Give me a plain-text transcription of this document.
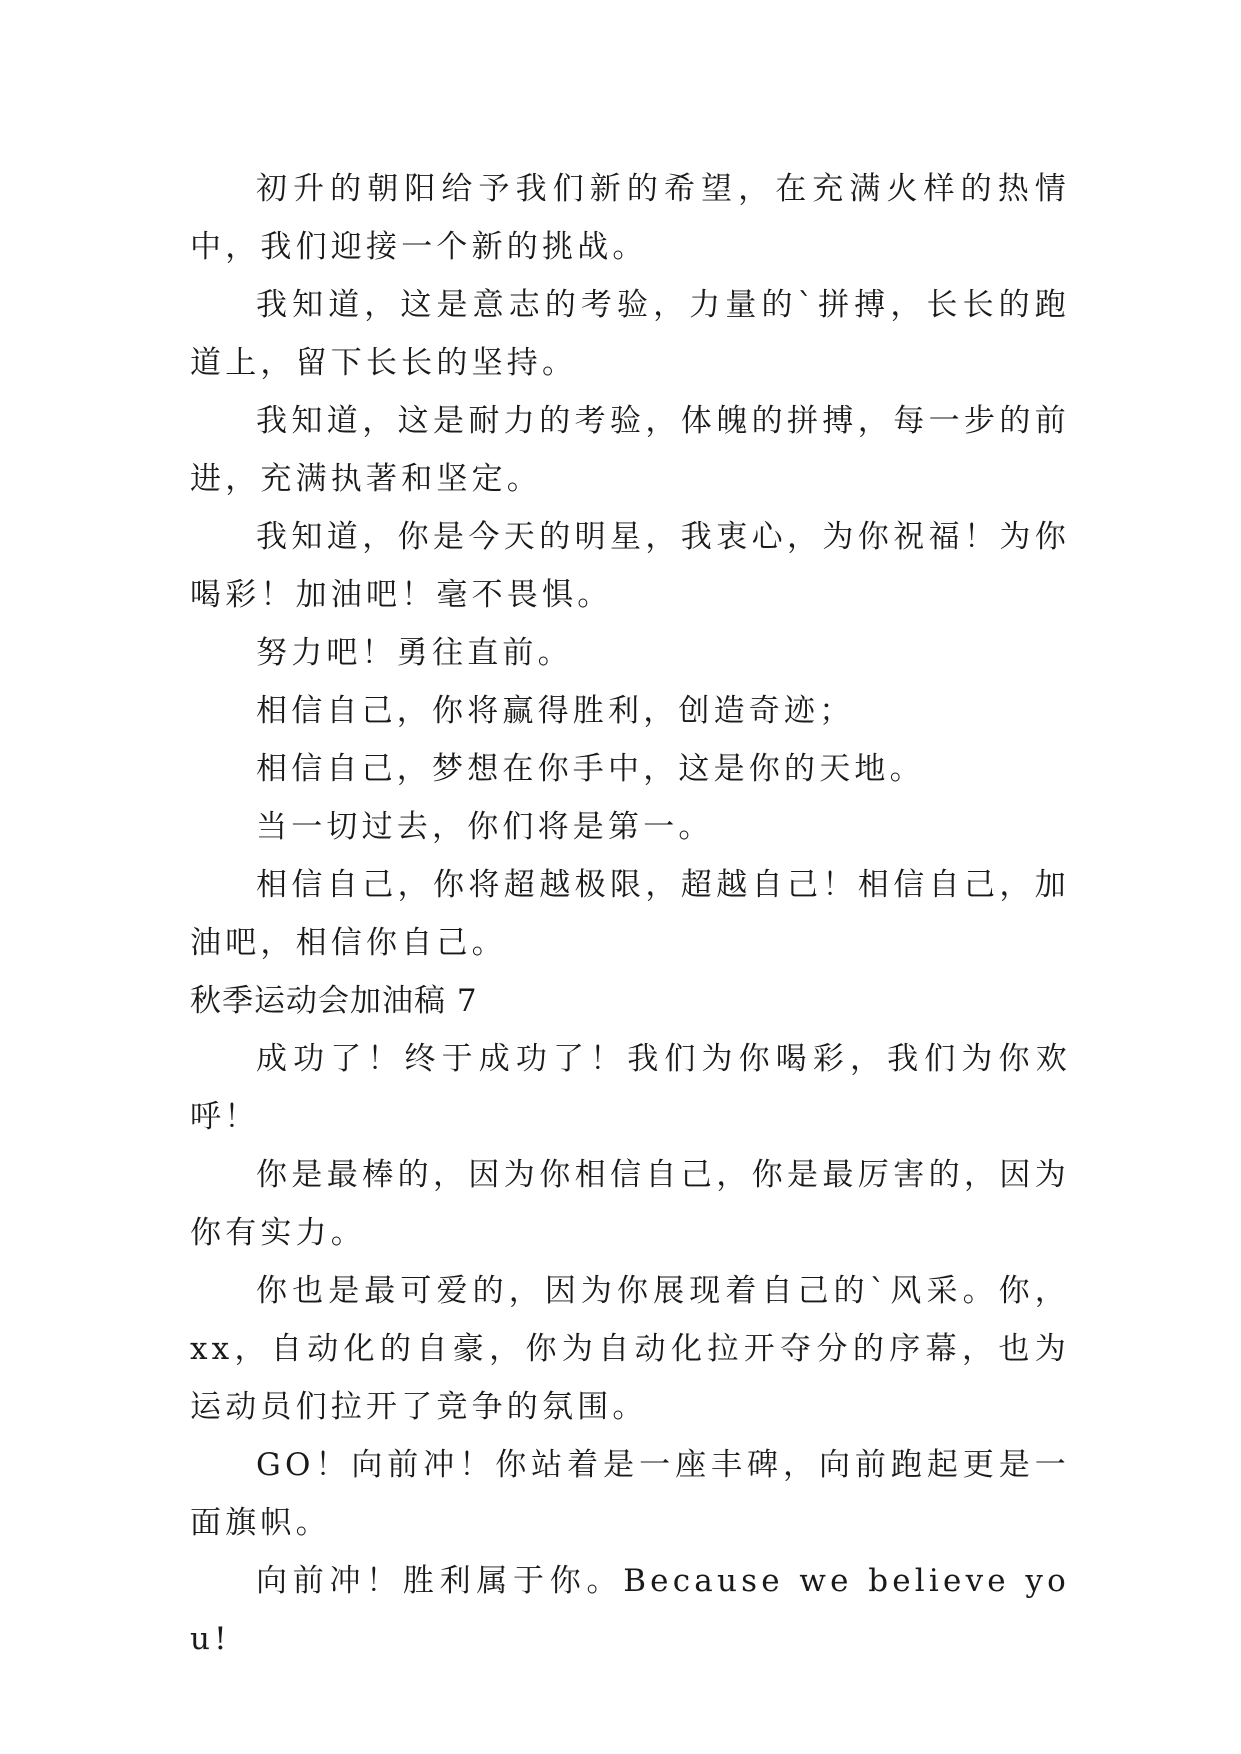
初升的朝阳给予我们新的希望，在充满火样的热情中，我们迎接一个新的挑战。

我知道，这是意志的考验，力量的`拼搏，长长的跑道上，留下长长的坚持。

我知道，这是耐力的考验，体魄的拼搏，每一步的前进，充满执著和坚定。

我知道，你是今天的明星，我衷心，为你祝福！为你喝彩！加油吧！毫不畏惧。

努力吧！勇往直前。

相信自己，你将赢得胜利，创造奇迹；

相信自己，梦想在你手中，这是你的天地。

当一切过去，你们将是第一。

相信自己，你将超越极限，超越自己！相信自己，加油吧，相信你自己。

秋季运动会加油稿 7

成功了！终于成功了！我们为你喝彩，我们为你欢呼！

你是最棒的，因为你相信自己，你是最厉害的，因为你有实力。

你也是最可爱的，因为你展现着自己的`风采。你，xx，自动化的自豪，你为自动化拉开夺分的序幕，也为运动员们拉开了竞争的氛围。

GO！向前冲！你站着是一座丰碑，向前跑起更是一面旗帜。

向前冲！胜利属于你。Because we believe you!
